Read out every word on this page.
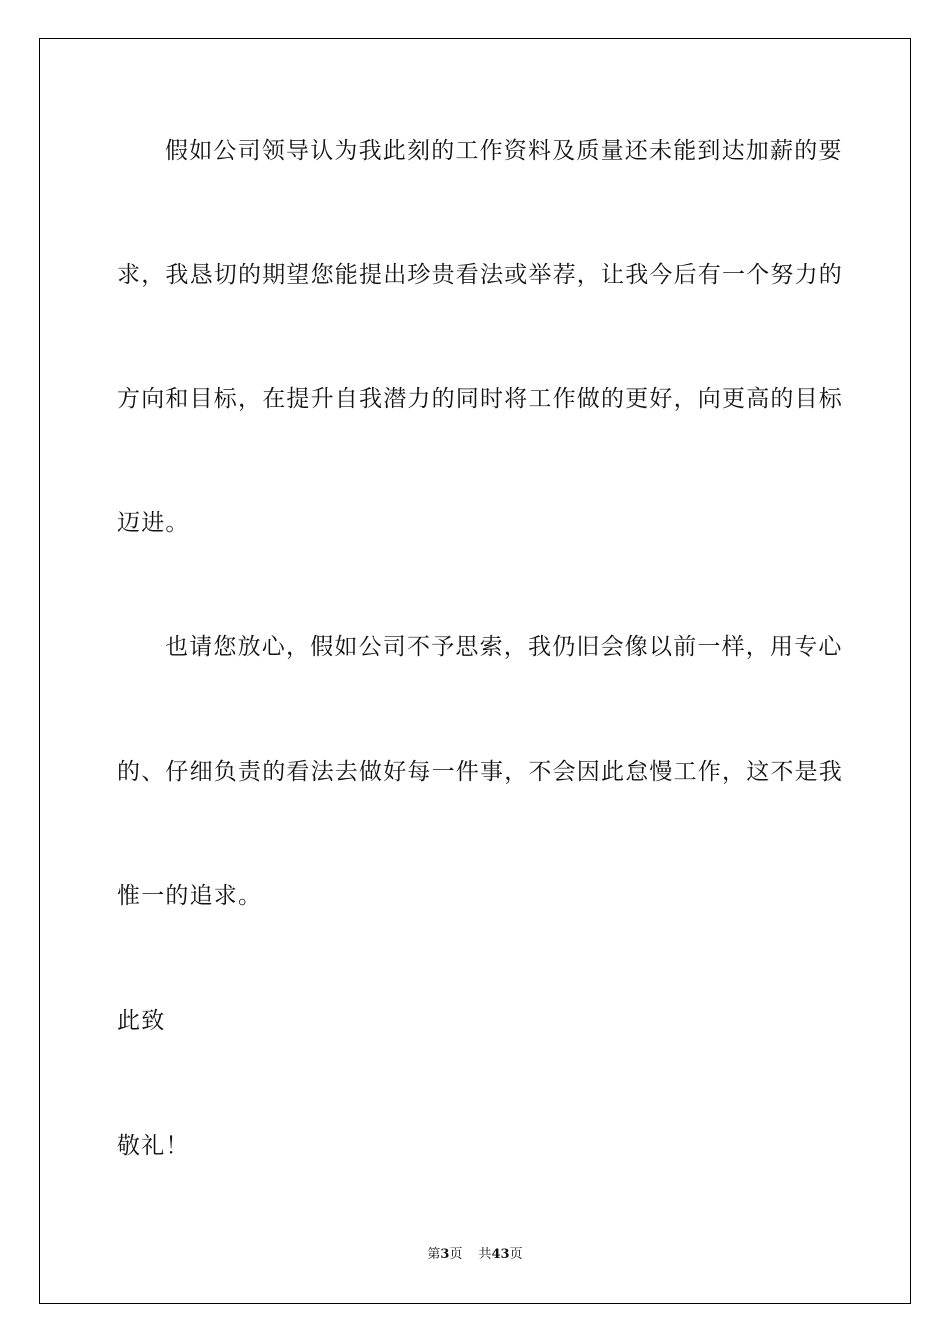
假如公司领导认为我此刻的工作资料及质量还未能到达加薪的要

求，我恳切的期望您能提出珍贵看法或举荐，让我今后有一个努力的

方向和目标，在提升自我潜力的同时将工作做的更好，向更高的目标

迈进。

也请您放心，假如公司不予思索，我仍旧会像以前一样，用专心

的、仔细负责的看法去做好每一件事，不会因此怠慢工作，这不是我

惟一的追求。

此致

敬礼！

第3页 共43页
